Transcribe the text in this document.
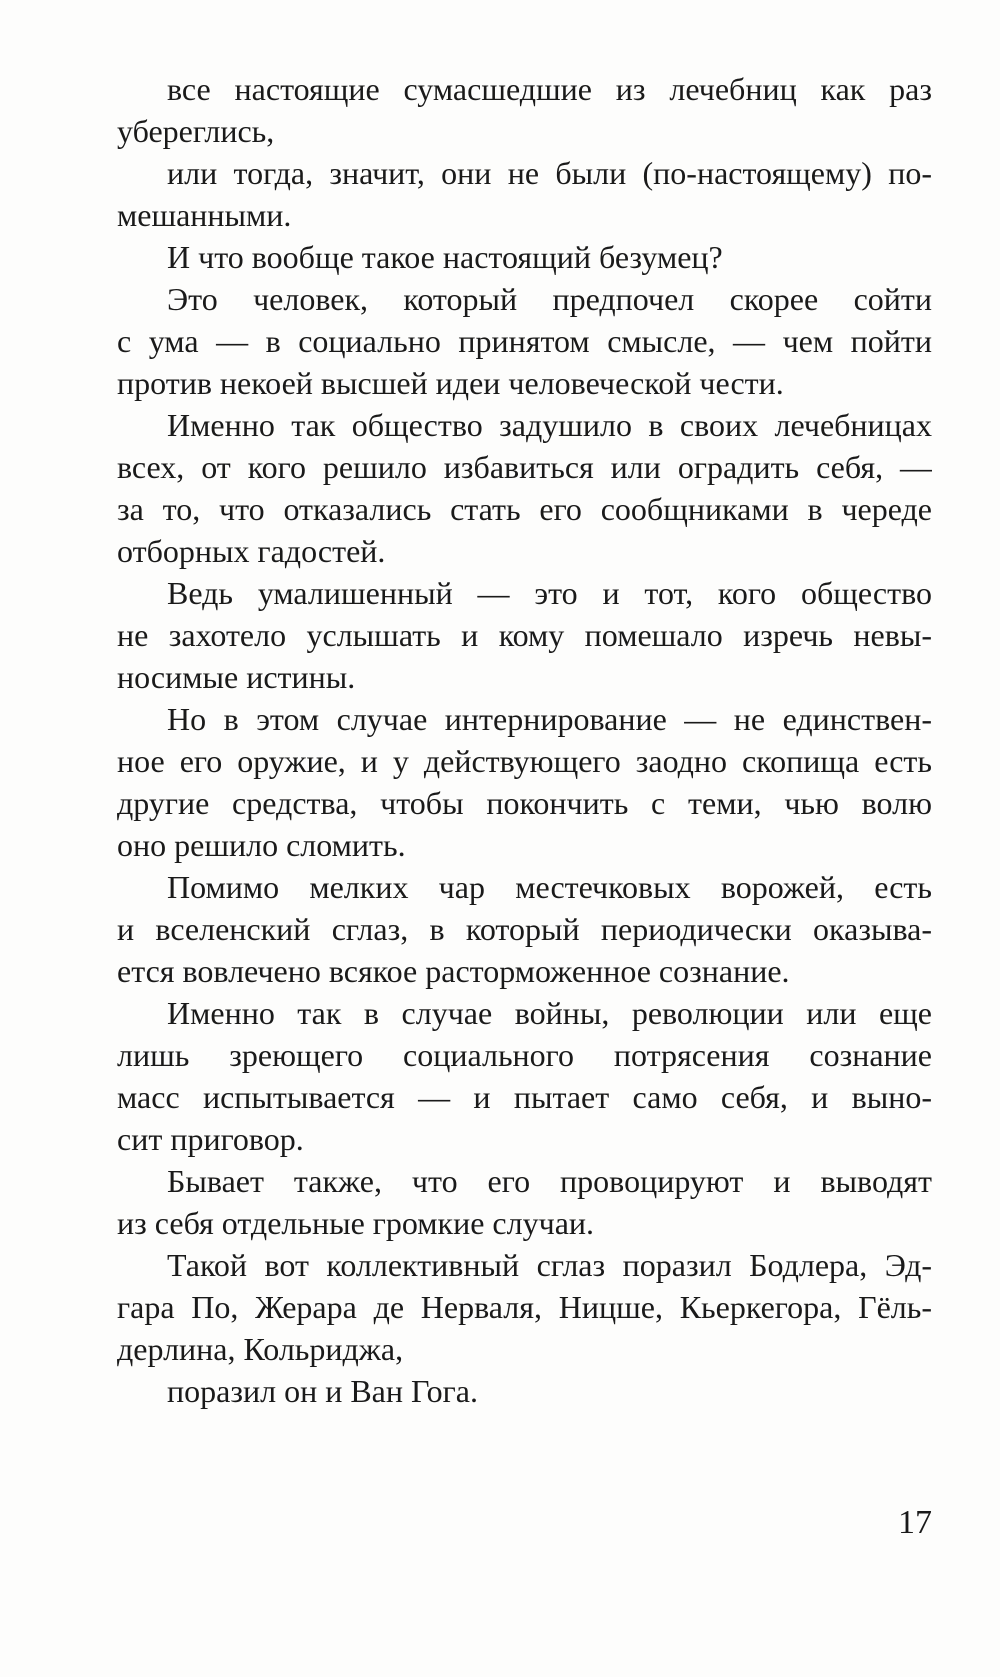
все настоящие сумасшедшие из лечебниц как раз
убереглись,
или тогда, значит, они не были (по-настоящему) по-
мешанными.
И что вообще такое настоящий безумец?
Это человек, который предпочел скорее сойти
с ума — в социально принятом смысле, — чем пойти
против некоей высшей идеи человеческой чести.
Именно так общество задушило в своих лечебницах
всех, от кого решило избавиться или оградить себя, —
за то, что отказались стать его сообщниками в череде
отборных гадостей.
Ведь умалишенный — это и тот, кого общество
не захотело услышать и кому помешало изречь невы-
носимые истины.
Но в этом случае интернирование — не единствен-
ное его оружие, и у действующего заодно скопища есть
другие средства, чтобы покончить с теми, чью волю
оно решило сломить.
Помимо мелких чар местечковых ворожей, есть
и вселенский сглаз, в который периодически оказыва-
ется вовлечено всякое расторможенное сознание.
Именно так в случае войны, революции или еще
лишь зреющего социального потрясения сознание
масс испытывается — и пытает само себя, и выно-
сит приговор.
Бывает также, что его провоцируют и выводят
из себя отдельные громкие случаи.
Такой вот коллективный сглаз поразил Бодлера, Эд-
гара По, Жерара де Нерваля, Ницше, Кьеркегора, Гёль-
дерлина, Кольриджа,
поразил он и Ван Гога.
17
